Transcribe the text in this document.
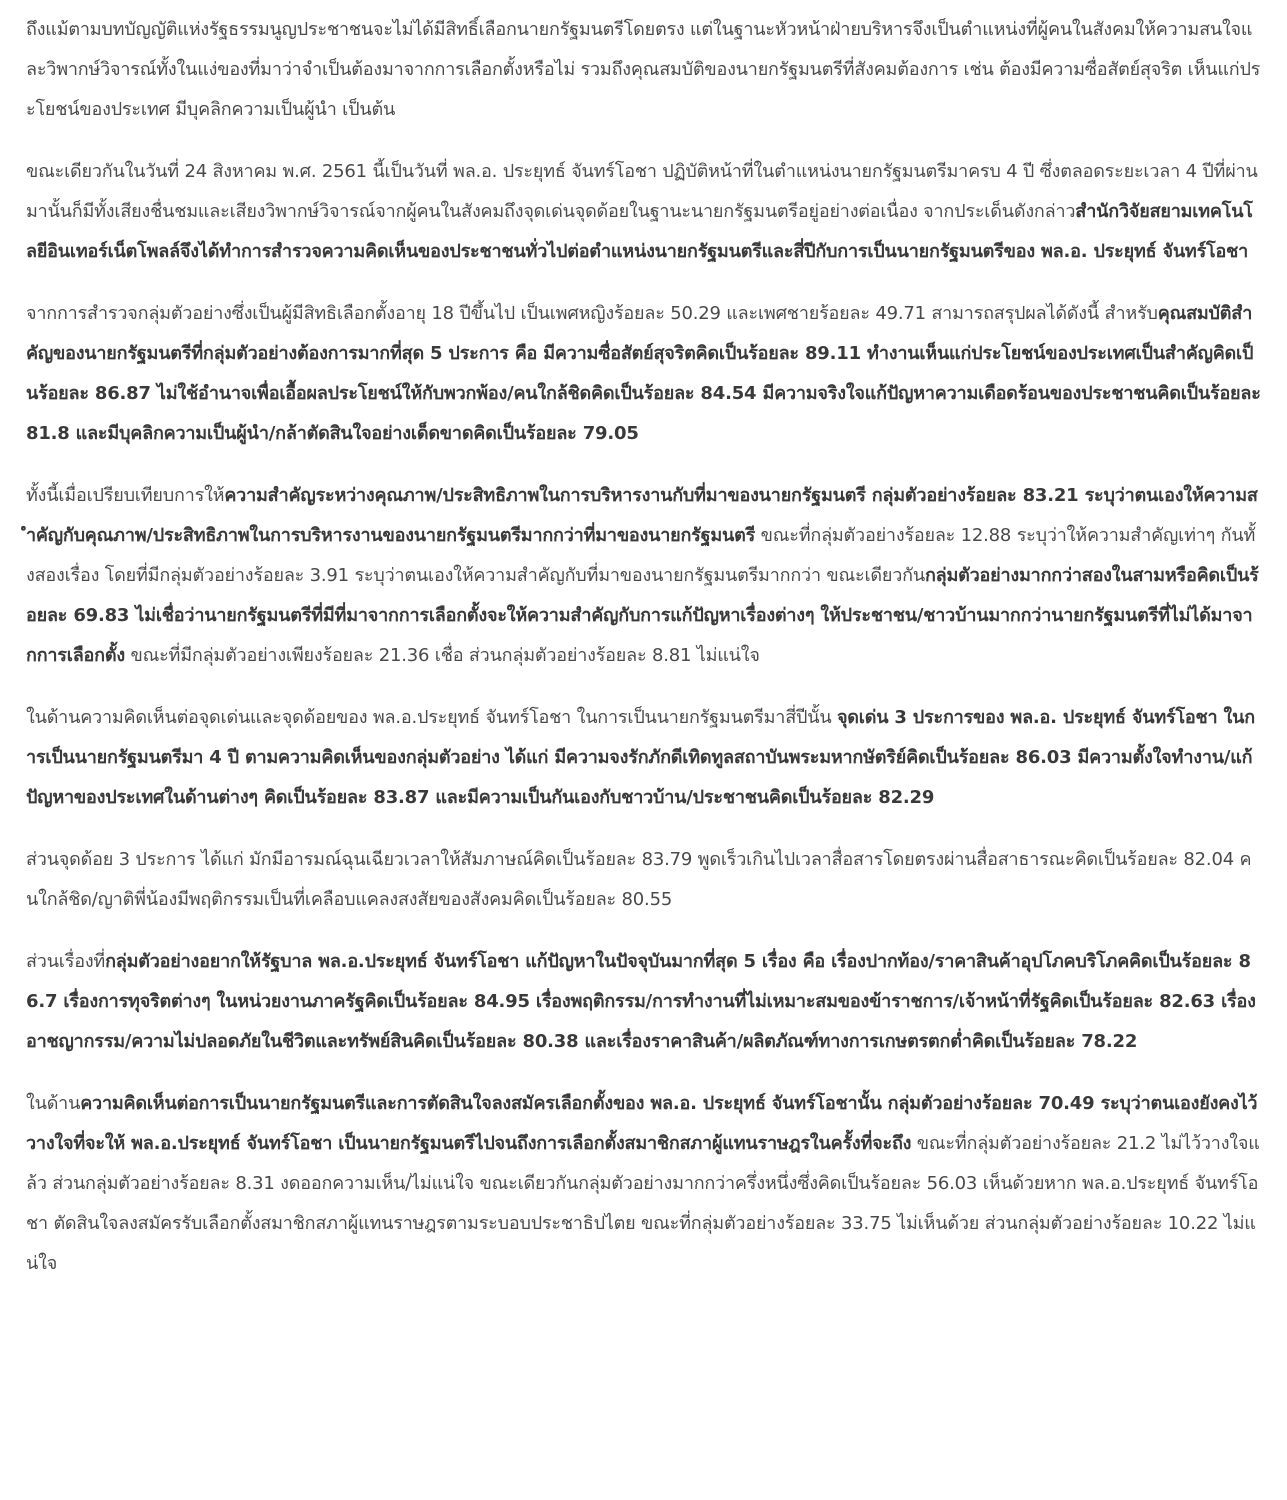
ถึงแม้ตามบทบัญญัติแห่งรัฐธรรมนูญประชาชนจะไม่ได้มีสิทธิ์เลือกนายกรัฐมนตรีโดยตรง แต่ในฐานะหัวหน้าฝ่ายบริหารจึงเป็นตำแหน่งที่ผู้คนในสังคมให้ความสนใจและวิพากษ์วิจารณ์ทั้งในแง่ของที่มาว่าจำเป็นต้องมาจากการเลือกตั้งหรือไม่ รวมถึงคุณสมบัติของนายกรัฐมนตรีที่สังคมต้องการ เช่น ต้องมีความซื่อสัตย์สุจริต เห็นแก่ประโยชน์ของประเทศ มีบุคลิกความเป็นผู้นำ เป็นต้น

ขณะเดียวกันในวันที่ 24 สิงหาคม พ.ศ. 2561 นี้เป็นวันที่ พล.อ. ประยุทธ์ จันทร์โอชา ปฏิบัติหน้าที่ในตำแหน่งนายกรัฐมนตรีมาครบ 4 ปี ซึ่งตลอดระยะเวลา 4 ปีที่ผ่านมานั้นก็มีทั้งเสียงชื่นชมและเสียงวิพากษ์วิจารณ์จากผู้คนในสังคมถึงจุดเด่นจุดด้อยในฐานะนายกรัฐมนตรีอยู่อย่างต่อเนื่อง จากประเด็นดังกล่าวสำนักวิจัยสยามเทคโนโลยีอินเทอร์เน็ตโพลล์จึงได้ทำการสำรวจความคิดเห็นของประชาชนทั่วไปต่อตำแหน่งนายกรัฐมนตรีและสี่ปีกับการเป็นนายกรัฐมนตรีของ พล.อ. ประยุทธ์ จันทร์โอชา

จากการสำรวจกลุ่มตัวอย่างซึ่งเป็นผู้มีสิทธิเลือกตั้งอายุ 18 ปีขึ้นไป เป็นเพศหญิงร้อยละ 50.29 และเพศชายร้อยละ 49.71 สามารถสรุปผลได้ดังนี้ สำหรับคุณสมบัติสำคัญของนายกรัฐมนตรีที่กลุ่มตัวอย่างต้องการมากที่สุด 5 ประการ คือ มีความซื่อสัตย์สุจริตคิดเป็นร้อยละ 89.11 ทำงานเห็นแก่ประโยชน์ของประเทศเป็นสำคัญคิดเป็นร้อยละ 86.87 ไม่ใช้อำนาจเพื่อเอื้อผลประโยชน์ให้กับพวกพ้อง/คนใกล้ชิดคิดเป็นร้อยละ 84.54 มีความจริงใจแก้ปัญหาความเดือดร้อนของประชาชนคิดเป็นร้อยละ 81.8 และมีบุคลิกความเป็นผู้นำ/กล้าตัดสินใจอย่างเด็ดขาดคิดเป็นร้อยละ 79.05

ทั้งนี้เมื่อเปรียบเทียบการให้ความสำคัญระหว่างคุณภาพ/ประสิทธิภาพในการบริหารงานกับที่มาของนายกรัฐมนตรี กลุ่มตัวอย่างร้อยละ 83.21 ระบุว่าตนเองให้ความสำคัญกับคุณภาพ/ประสิทธิภาพในการบริหารงานของนายกรัฐมนตรีมากกว่าที่มาของนายกรัฐมนตรี ขณะที่กลุ่มตัวอย่างร้อยละ 12.88 ระบุว่าให้ความสำคัญเท่าๆ กันทั้งสองเรื่อง โดยที่มีกลุ่มตัวอย่างร้อยละ 3.91 ระบุว่าตนเองให้ความสำคัญกับที่มาของนายกรัฐมนตรีมากกว่า ขณะเดียวกันกลุ่มตัวอย่างมากกว่าสองในสามหรือคิดเป็นร้อยละ 69.83 ไม่เชื่อว่านายกรัฐมนตรีที่มีที่มาจากการเลือกตั้งจะให้ความสำคัญกับการแก้ปัญหาเรื่องต่างๆ ให้ประชาชน/ชาวบ้านมากกว่านายกรัฐมนตรีที่ไม่ได้มาจากการเลือกตั้ง ขณะที่มีกลุ่มตัวอย่างเพียงร้อยละ 21.36 เชื่อ ส่วนกลุ่มตัวอย่างร้อยละ 8.81 ไม่แน่ใจ

ในด้านความคิดเห็นต่อจุดเด่นและจุดด้อยของ พล.อ.ประยุทธ์ จันทร์โอชา ในการเป็นนายกรัฐมนตรีมาสี่ปีนั้น จุดเด่น 3 ประการของ พล.อ. ประยุทธ์ จันทร์โอชา ในการเป็นนายกรัฐมนตรีมา 4 ปี ตามความคิดเห็นของกลุ่มตัวอย่าง ได้แก่ มีความจงรักภักดีเทิดทูลสถาบันพระมหากษัตริย์คิดเป็นร้อยละ 86.03 มีความตั้งใจทำงาน/แก้ปัญหาของประเทศในด้านต่างๆ คิดเป็นร้อยละ 83.87 และมีความเป็นกันเองกับชาวบ้าน/ประชาชนคิดเป็นร้อยละ 82.29

ส่วนจุดด้อย 3 ประการ ได้แก่ มักมีอารมณ์ฉุนเฉียวเวลาให้สัมภาษณ์คิดเป็นร้อยละ 83.79 พูดเร็วเกินไปเวลาสื่อสารโดยตรงผ่านสื่อสาธารณะคิดเป็นร้อยละ 82.04 คนใกล้ชิด/ญาติพี่น้องมีพฤติกรรมเป็นที่เคลือบแคลงสงสัยของสังคมคิดเป็นร้อยละ 80.55

ส่วนเรื่องที่กลุ่มตัวอย่างอยากให้รัฐบาล พล.อ.ประยุทธ์ จันทร์โอชา แก้ปัญหาในปัจจุบันมากที่สุด 5 เรื่อง คือ เรื่องปากท้อง/ราคาสินค้าอุปโภคบริโภคคิดเป็นร้อยละ 86.7 เรื่องการทุจริตต่างๆ ในหน่วยงานภาครัฐคิดเป็นร้อยละ 84.95 เรื่องพฤติกรรม/การทำงานที่ไม่เหมาะสมของข้าราชการ/เจ้าหน้าที่รัฐคิดเป็นร้อยละ 82.63 เรื่องอาชญากรรม/ความไม่ปลอดภัยในชีวิตและทรัพย์สินคิดเป็นร้อยละ 80.38 และเรื่องราคาสินค้า/ผลิตภัณฑ์ทางการเกษตรตกต่ำคิดเป็นร้อยละ 78.22

ในด้านความคิดเห็นต่อการเป็นนายกรัฐมนตรีและการตัดสินใจลงสมัครเลือกตั้งของ พล.อ. ประยุทธ์ จันทร์โอชานั้น กลุ่มตัวอย่างร้อยละ 70.49 ระบุว่าตนเองยังคงไว้วางใจที่จะให้ พล.อ.ประยุทธ์ จันทร์โอชา เป็นนายกรัฐมนตรีไปจนถึงการเลือกตั้งสมาชิกสภาผู้แทนราษฎรในครั้งที่จะถึง ขณะที่กลุ่มตัวอย่างร้อยละ 21.2 ไม่ไว้วางใจแล้ว ส่วนกลุ่มตัวอย่างร้อยละ 8.31 งดออกความเห็น/ไม่แน่ใจ ขณะเดียวกันกลุ่มตัวอย่างมากกว่าครึ่งหนึ่งซึ่งคิดเป็นร้อยละ 56.03 เห็นด้วยหาก พล.อ.ประยุทธ์ จันทร์โอชา ตัดสินใจลงสมัครรับเลือกตั้งสมาชิกสภาผู้แทนราษฎรตามระบอบประชาธิปไตย ขณะที่กลุ่มตัวอย่างร้อยละ 33.75 ไม่เห็นด้วย ส่วนกลุ่มตัวอย่างร้อยละ 10.22 ไม่แน่ใจ
